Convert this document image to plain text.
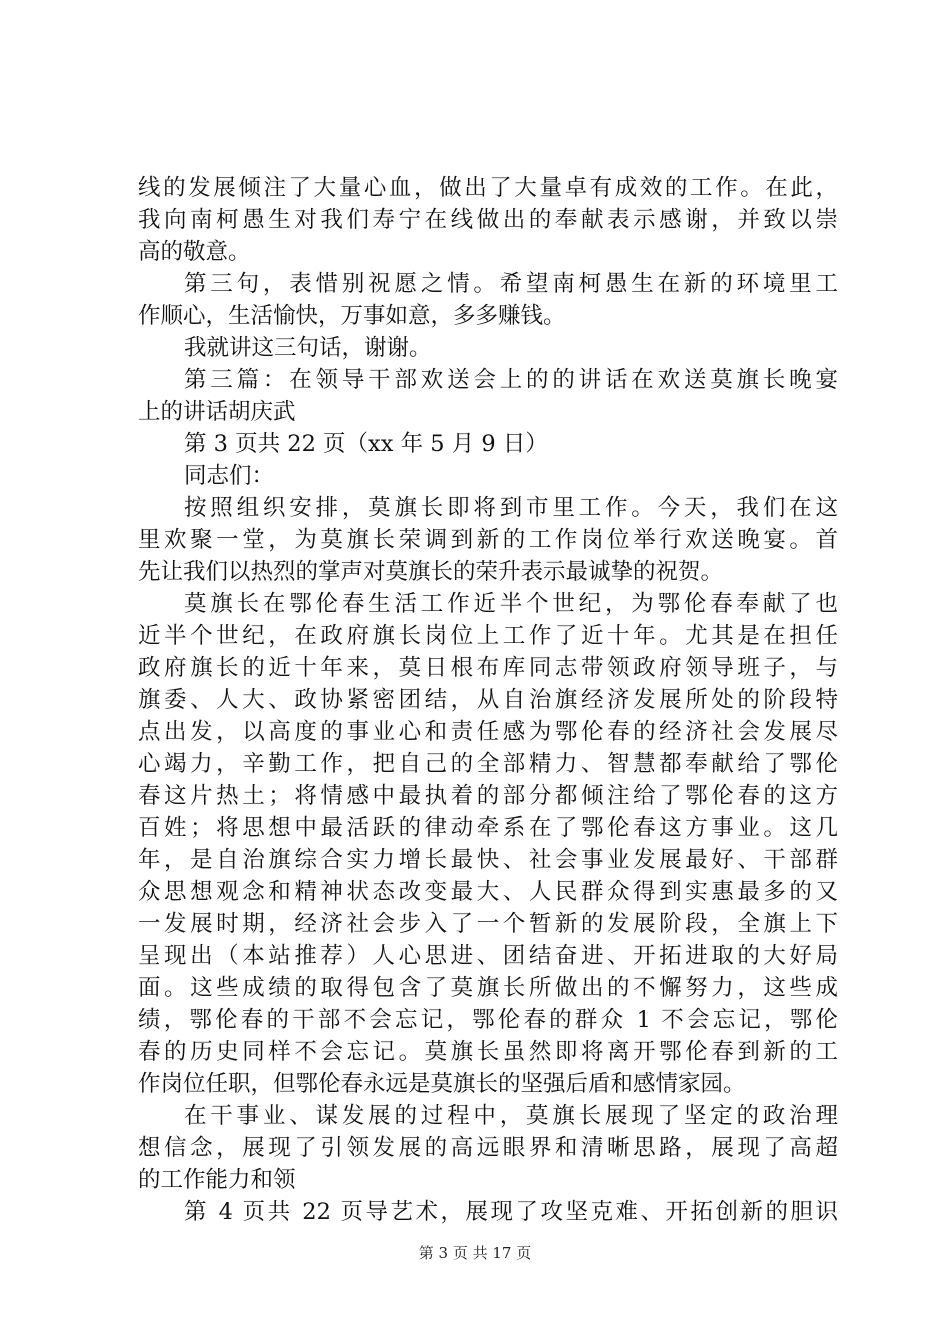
线的发展倾注了大量心血，做出了大量卓有成效的工作。在此，
我向南柯愚生对我们寿宁在线做出的奉献表示感谢，并致以崇
高的敬意。
第三句，表惜别祝愿之情。希望南柯愚生在新的环境里工
作顺心，生活愉快，万事如意，多多赚钱。
我就讲这三句话，谢谢。
第三篇：在领导干部欢送会上的的讲话在欢送莫旗长晚宴
上的讲话胡庆武
第 3 页共 22 页（xx 年 5 月 9 日）
同志们：
按照组织安排，莫旗长即将到市里工作。今天，我们在这
里欢聚一堂，为莫旗长荣调到新的工作岗位举行欢送晚宴。首
先让我们以热烈的掌声对莫旗长的荣升表示最诚挚的祝贺。
莫旗长在鄂伦春生活工作近半个世纪，为鄂伦春奉献了也
近半个世纪，在政府旗长岗位上工作了近十年。尤其是在担任
政府旗长的近十年来，莫日根布库同志带领政府领导班子，与
旗委、人大、政协紧密团结，从自治旗经济发展所处的阶段特
点出发，以高度的事业心和责任感为鄂伦春的经济社会发展尽
心竭力，辛勤工作，把自己的全部精力、智慧都奉献给了鄂伦
春这片热土；将情感中最执着的部分都倾注给了鄂伦春的这方
百姓；将思想中最活跃的律动牵系在了鄂伦春这方事业。这几
年，是自治旗综合实力增长最快、社会事业发展最好、干部群
众思想观念和精神状态改变最大、人民群众得到实惠最多的又
一发展时期，经济社会步入了一个暂新的发展阶段，全旗上下
呈现出（本站推荐）人心思进、团结奋进、开拓进取的大好局
面。这些成绩的取得包含了莫旗长所做出的不懈努力，这些成
绩，鄂伦春的干部不会忘记，鄂伦春的群众 1 不会忘记，鄂伦
春的历史同样不会忘记。莫旗长虽然即将离开鄂伦春到新的工
作岗位任职，但鄂伦春永远是莫旗长的坚强后盾和感情家园。
在干事业、谋发展的过程中，莫旗长展现了坚定的政治理
想信念，展现了引领发展的高远眼界和清晰思路，展现了高超
的工作能力和领
第 4 页共 22 页导艺术，展现了攻坚克难、开拓创新的胆识
第 3 页 共 17 页
